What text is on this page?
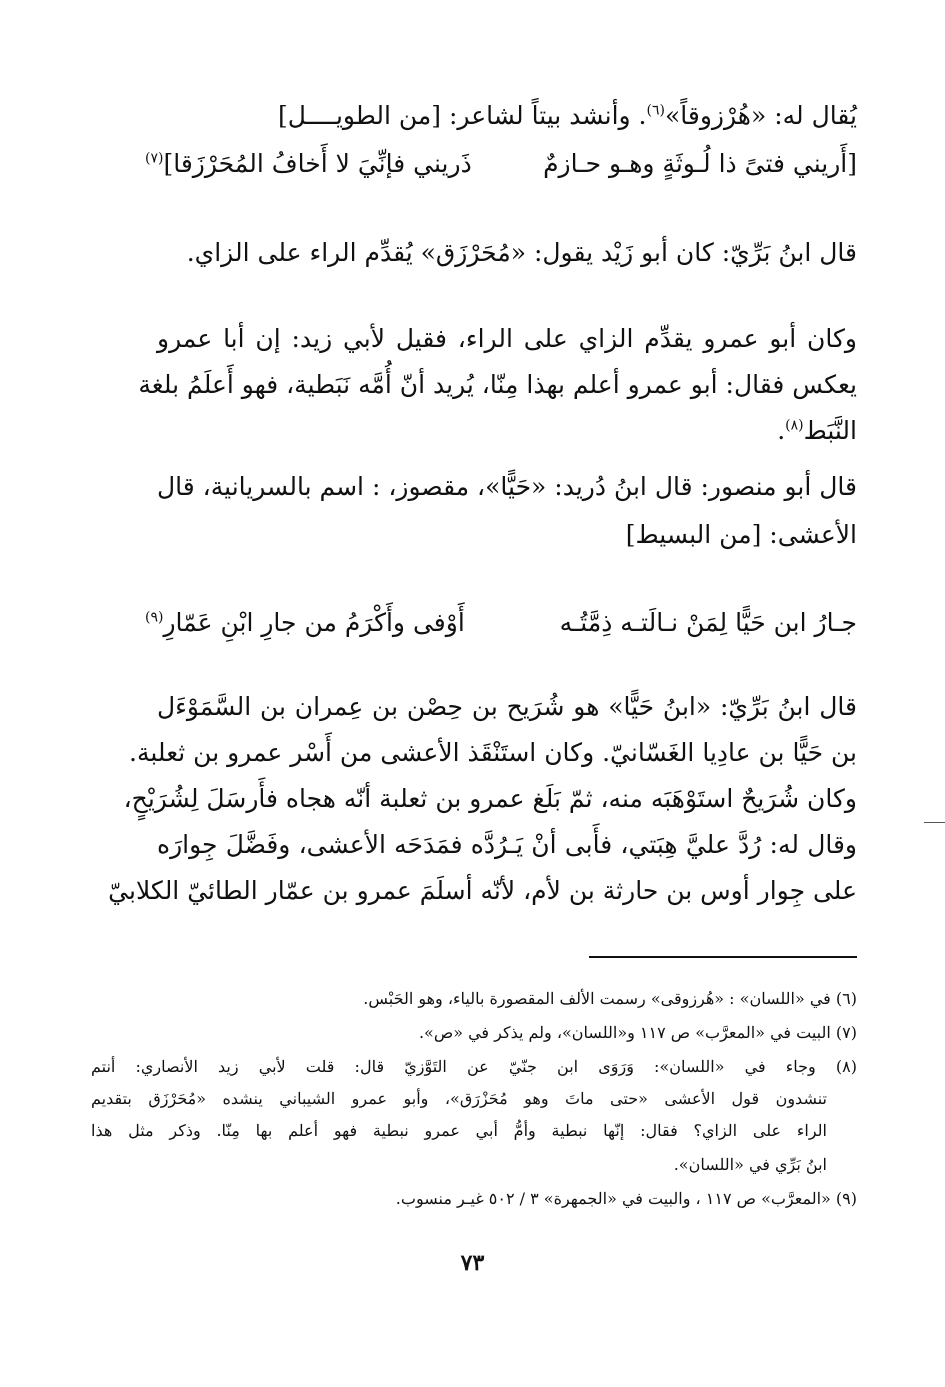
يُقال له: «هُرْزوقاً»$^{(٦)}$. وأنشد بيتاً لشاعر: [من الطويــــل]
[أَريني فتىً ذا لُـوثَةٍ وهـو حـازمٌ
ذَريني فإنِّيَ لا أَخافُ المُحَرْزَقا]$^{(٧)}$
قال ابنُ بَرِّيّ: كان أبو زَيْد يقول: «مُحَرْزَق» يُقدِّم الراء على الزاي.
وكان أبو عمرو يقدِّم الزاي على الراء، فقيل لأبي زيد: إن أبا عمرو
يعكس فقال: أبو عمرو أعلم بهذا مِنّا، يُريد أنّ أُمَّه نَبَطية، فهو أَعلَمُ بلغة
النَّبَط$^{(٨)}$.
قال أبو منصور: قال ابنُ دُريد: «حَيًّا»، مقصوز، : اسم بالسريانية، قال
الأعشى: [من البسيط]
جـارُ ابن حَيًّا لِمَنْ نـالَتـه ذِمَّتُـه
أَوْفى وأَكْرَمُ من جارِ ابْنِ عَمّارِ$^{(٩)}$
قال ابنُ بَرِّيّ: «ابنُ حَيًّا» هو شُرَيح بن حِصْن بن عِمران بن السَّمَوْءَل
بن حَيًّا بن عادِيا الغَسّانيّ. وكان استَنْقَذ الأعشى من أَسْر عمرو بن ثعلبة.
وكان شُرَيحٌ استَوْهَبَه منه، ثمّ بَلَغ عمرو بن ثعلبة أنّه هجاه فأَرسَلَ لِشُرَيْحٍ،
وقال له: رُدَّ عليَّ هِبَتي، فأَبى أنْ يَـرُدَّه فمَدَحَه الأعشى، وفَضَّلَ جِوارَه
على جِوار أوس بن حارثة بن لأم، لأنّه أسلَمَ عمرو بن عمّار الطائيّ الكلابيّ
(٦) في «اللسان» : «هُرزوقى» رسمت الألف المقصورة بالياء، وهو الحَبْس.
(٧) البيت في «المعرَّب» ص ١١٧ و«اللسان»، ولم يذكر في «ص».
(٨) وجاء في «اللسان»: وَرَوَى ابن جنّيّ عن التَوَّزيّ قال: قلت لأبي زيد الأنصاري: أنتم
تنشدون قول الأعشى «حتى ماتَ وهو مُحَزْرَق»، وأبو عمرو الشيباني ينشده «مُحَرْزَق بتقديم
الراء على الزاي؟ فقال: إنّها نبطية وأمُّ أبي عمرو نبطية فهو أعلم بها مِنّا. وذكر مثل هذا
ابنُ بَرِّي في «اللسان».
(٩) «المعرَّب» ص ١١٧ ، والبيت في «الجمهرة» ٣ / ٥٠٢ غيـر منسوب.
٧٣
